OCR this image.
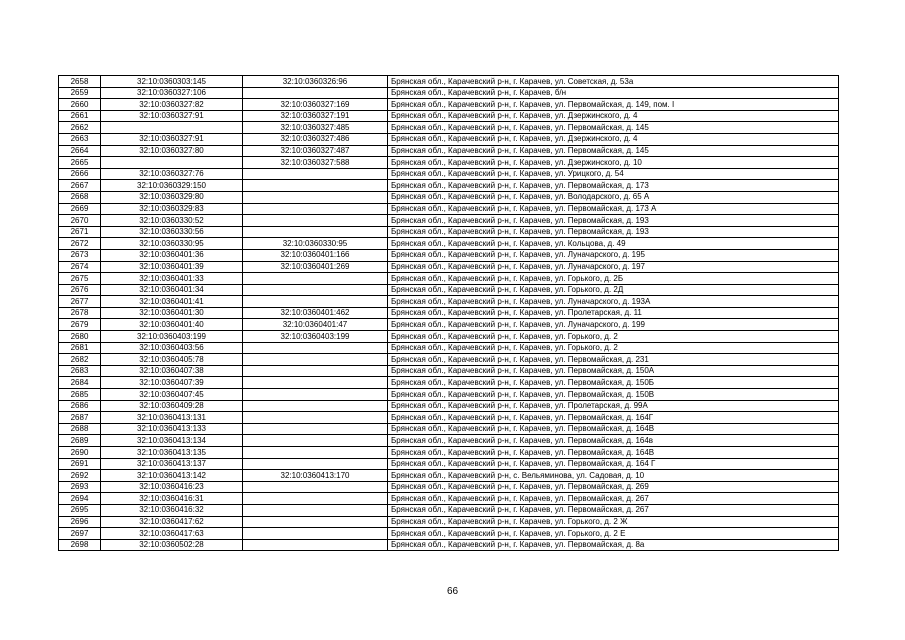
2658	32:10:0360303:145	32:10:0360326:96	Брянская обл., Карачевский р-н, г. Карачев, ул. Советская, д. 53а
2659	32:10:0360327:106		Брянская обл., Карачевский р-н, г. Карачев, б/н
2660	32:10:0360327:82	32:10:0360327:169	Брянская обл., Карачевский р-н, г. Карачев, ул. Первомайская, д. 149, пом. I
2661	32:10:0360327:91	32:10:0360327:191	Брянская обл., Карачевский р-н, г. Карачев, ул. Дзержинского, д. 4
2662		32:10:0360327:485	Брянская обл., Карачевский р-н, г. Карачев, ул. Первомайская, д. 145
2663	32:10:0360327:91	32:10:0360327:486	Брянская обл., Карачевский р-н, г. Карачев, ул. Дзержинского, д. 4
2664	32:10:0360327:80	32:10:0360327:487	Брянская обл., Карачевский р-н, г. Карачев, ул. Первомайская, д. 145
2665		32:10:0360327:588	Брянская обл., Карачевский р-н, г. Карачев, ул. Дзержинского, д. 10
2666	32:10:0360327:76		Брянская обл., Карачевский р-н, г. Карачев, ул. Урицкого, д. 54
2667	32:10:0360329:150		Брянская обл., Карачевский р-н, г. Карачев, ул. Первомайская, д. 173
2668	32:10:0360329:80		Брянская обл., Карачевский р-н, г. Карачев, ул. Володарского, д. 65 А
2669	32:10:0360329:83		Брянская обл., Карачевский р-н, г. Карачев, ул. Первомайская, д. 173 А
2670	32:10:0360330:52		Брянская обл., Карачевский р-н, г. Карачев, ул. Первомайская, д. 193
2671	32:10:0360330:56		Брянская обл., Карачевский р-н, г. Карачев, ул. Первомайская, д. 193
2672	32:10:0360330:95	32:10:0360330:95	Брянская обл., Карачевский р-н, г. Карачев, ул. Кольцова, д. 49
2673	32:10:0360401:36	32:10:0360401:166	Брянская обл., Карачевский р-н, г. Карачев, ул. Луначарского, д. 195
2674	32:10:0360401:39	32:10:0360401:269	Брянская обл., Карачевский р-н, г. Карачев, ул. Луначарского, д. 197
2675	32:10:0360401:33		Брянская обл., Карачевский р-н, г. Карачев, ул. Горького, д. 2Б
2676	32:10:0360401:34		Брянская обл., Карачевский р-н, г. Карачев, ул. Горького, д. 2Д
2677	32:10:0360401:41		Брянская обл., Карачевский р-н, г. Карачев, ул. Луначарского, д. 193А
2678	32:10:0360401:30	32:10:0360401:462	Брянская обл., Карачевский р-н, г. Карачев, ул. Пролетарская, д. 11
2679	32:10:0360401:40	32:10:0360401:47	Брянская обл., Карачевский р-н, г. Карачев, ул. Луначарского, д. 199
2680	32:10:0360403:199	32:10:0360403:199	Брянская обл., Карачевский р-н, г. Карачев, ул. Горького, д. 2
2681	32:10:0360403:56		Брянская обл., Карачевский р-н, г. Карачев, ул. Горького, д. 2
2682	32:10:0360405:78		Брянская обл., Карачевский р-н, г. Карачев, ул. Первомайская, д. 231
2683	32:10:0360407:38		Брянская обл., Карачевский р-н, г. Карачев, ул. Первомайская, д. 150А
2684	32:10:0360407:39		Брянская обл., Карачевский р-н, г. Карачев, ул. Первомайская, д. 150Б
2685	32:10:0360407:45		Брянская обл., Карачевский р-н, г. Карачев, ул. Первомайская, д. 150В
2686	32:10:0360409:28		Брянская обл., Карачевский р-н, г. Карачев, ул. Пролетарская, д. 99А
2687	32:10:0360413:131		Брянская обл., Карачевский р-н, г. Карачев, ул. Первомайская, д. 164Г
2688	32:10:0360413:133		Брянская обл., Карачевский р-н, г. Карачев, ул. Первомайская, д. 164В
2689	32:10:0360413:134		Брянская обл., Карачевский р-н, г. Карачев, ул. Первомайская, д. 164в
2690	32:10:0360413:135		Брянская обл., Карачевский р-н, г. Карачев, ул. Первомайская, д. 164В
2691	32:10:0360413:137		Брянская обл., Карачевский р-н, г. Карачев, ул. Первомайская, д. 164 Г
2692	32:10:0360413:142	32:10:0360413:170	Брянская обл., Карачевский р-н, с. Вельяминова, ул. Садовая, д. 10
2693	32:10:0360416:23		Брянская обл., Карачевский р-н, г. Карачев, ул. Первомайская, д. 269
2694	32:10:0360416:31		Брянская обл., Карачевский р-н, г. Карачев, ул. Первомайская, д. 267
2695	32:10:0360416:32		Брянская обл., Карачевский р-н, г. Карачев, ул. Первомайская, д. 267
2696	32:10:0360417:62		Брянская обл., Карачевский р-н, г. Карачев, ул. Горького, д. 2 Ж
2697	32:10:0360417:63		Брянская обл., Карачевский р-н, г. Карачев, ул. Горького, д. 2 Е
2698	32:10:0360502:28		Брянская обл., Карачевский р-н, г. Карачев, ул. Первомайская, д. 8а
66
